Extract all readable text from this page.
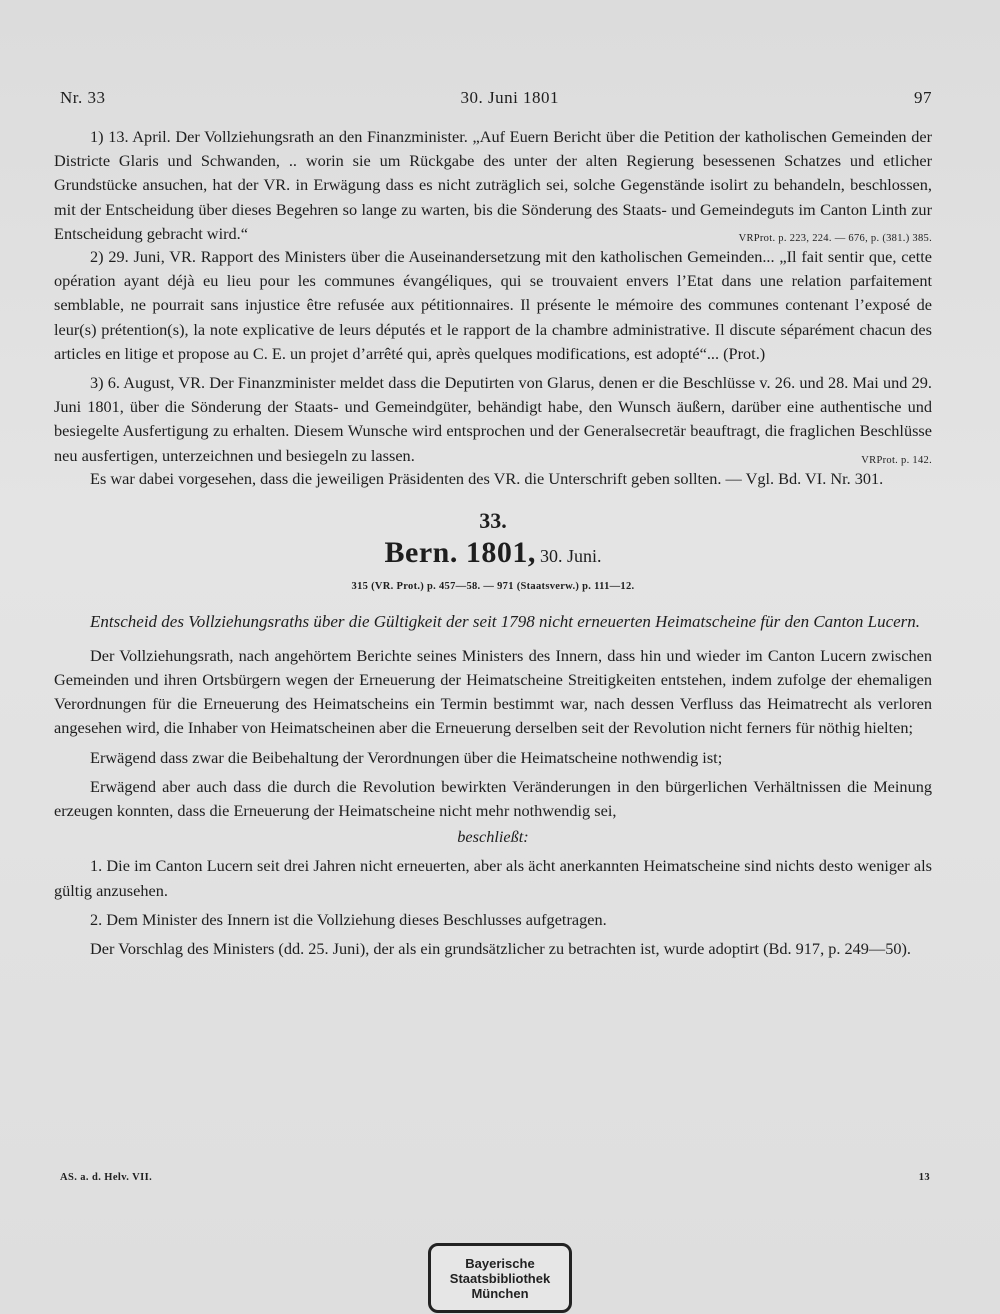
Nr. 33	30. Juni 1801	97

1) 13. April. Der Vollziehungsrath an den Finanzminister. „Auf Euern Bericht über die Petition der katholischen Gemeinden der Districte Glaris und Schwanden, .. worin sie um Rückgabe des unter der alten Regierung besessenen Schatzes und etlicher Grundstücke ansuchen, hat der VR. in Erwägung dass es nicht zuträglich sei, solche Gegenstände isolirt zu behandeln, beschlossen, mit der Entscheidung über dieses Begehren so lange zu warten, bis die Sönderung des Staats- und Gemeindeguts im Canton Linth zur Entscheidung gebracht wird.“	VRProt. p. 223, 224. — 676, p. (381.) 385.

2) 29. Juni, VR. Rapport des Ministers über die Auseinandersetzung mit den katholischen Gemeinden... „Il fait sentir que, cette opération ayant déjà eu lieu pour les communes évangéliques, qui se trouvaient envers l’Etat dans une relation parfaitement semblable, ne pourrait sans injustice être refusée aux pétitionnaires. Il présente le mémoire des communes contenant l’exposé de leur(s) prétention(s), la note explicative de leurs députés et le rapport de la chambre administrative. Il discute séparément chacun des articles en litige et propose au C. E. un projet d’arrêté qui, après quelques modifications, est adopté“... (Prot.)

3) 6. August, VR. Der Finanzminister meldet dass die Deputirten von Glarus, denen er die Beschlüsse v. 26. und 28. Mai und 29. Juni 1801, über die Sönderung der Staats- und Gemeindgüter, behändigt habe, den Wunsch äußern, darüber eine authentische und besiegelte Ausfertigung zu erhalten. Diesem Wunsche wird entsprochen und der Generalsecretär beauftragt, die fraglichen Beschlüsse neu ausfertigen, unterzeichnen und besiegeln zu lassen.	VRProt. p. 142.

Es war dabei vorgesehen, dass die jeweiligen Präsidenten des VR. die Unterschrift geben sollten. — Vgl. Bd. VI. Nr. 301.

33.
Bern. 1801, 30. Juni.
315 (VR. Prot.) p. 457—58. — 971 (Staatsverw.) p. 111—12.

Entscheid des Vollziehungsraths über die Gültigkeit der seit 1798 nicht erneuerten Heimatscheine für den Canton Lucern.

Der Vollziehungsrath, nach angehörtem Berichte seines Ministers des Innern, dass hin und wieder im Canton Lucern zwischen Gemeinden und ihren Ortsbürgern wegen der Erneuerung der Heimatscheine Streitigkeiten entstehen, indem zufolge der ehemaligen Verordnungen für die Erneuerung des Heimatscheins ein Termin bestimmt war, nach dessen Verfluss das Heimatrecht als verloren angesehen wird, die Inhaber von Heimatscheinen aber die Erneuerung derselben seit der Revolution nicht ferners für nöthig hielten;

Erwägend dass zwar die Beibehaltung der Verordnungen über die Heimatscheine nothwendig ist;

Erwägend aber auch dass die durch die Revolution bewirkten Veränderungen in den bürgerlichen Verhältnissen die Meinung erzeugen konnten, dass die Erneuerung der Heimatscheine nicht mehr nothwendig sei,

beschließt:

1. Die im Canton Lucern seit drei Jahren nicht erneuerten, aber als ächt anerkannten Heimatscheine sind nichts desto weniger als gültig anzusehen.

2. Dem Minister des Innern ist die Vollziehung dieses Beschlusses aufgetragen.

Der Vorschlag des Ministers (dd. 25. Juni), der als ein grundsätzlicher zu betrachten ist, wurde adoptirt (Bd. 917, p. 249—50).

AS. a. d. Helv. VII.	13
Bayerische
Staatsbibliothek
München
